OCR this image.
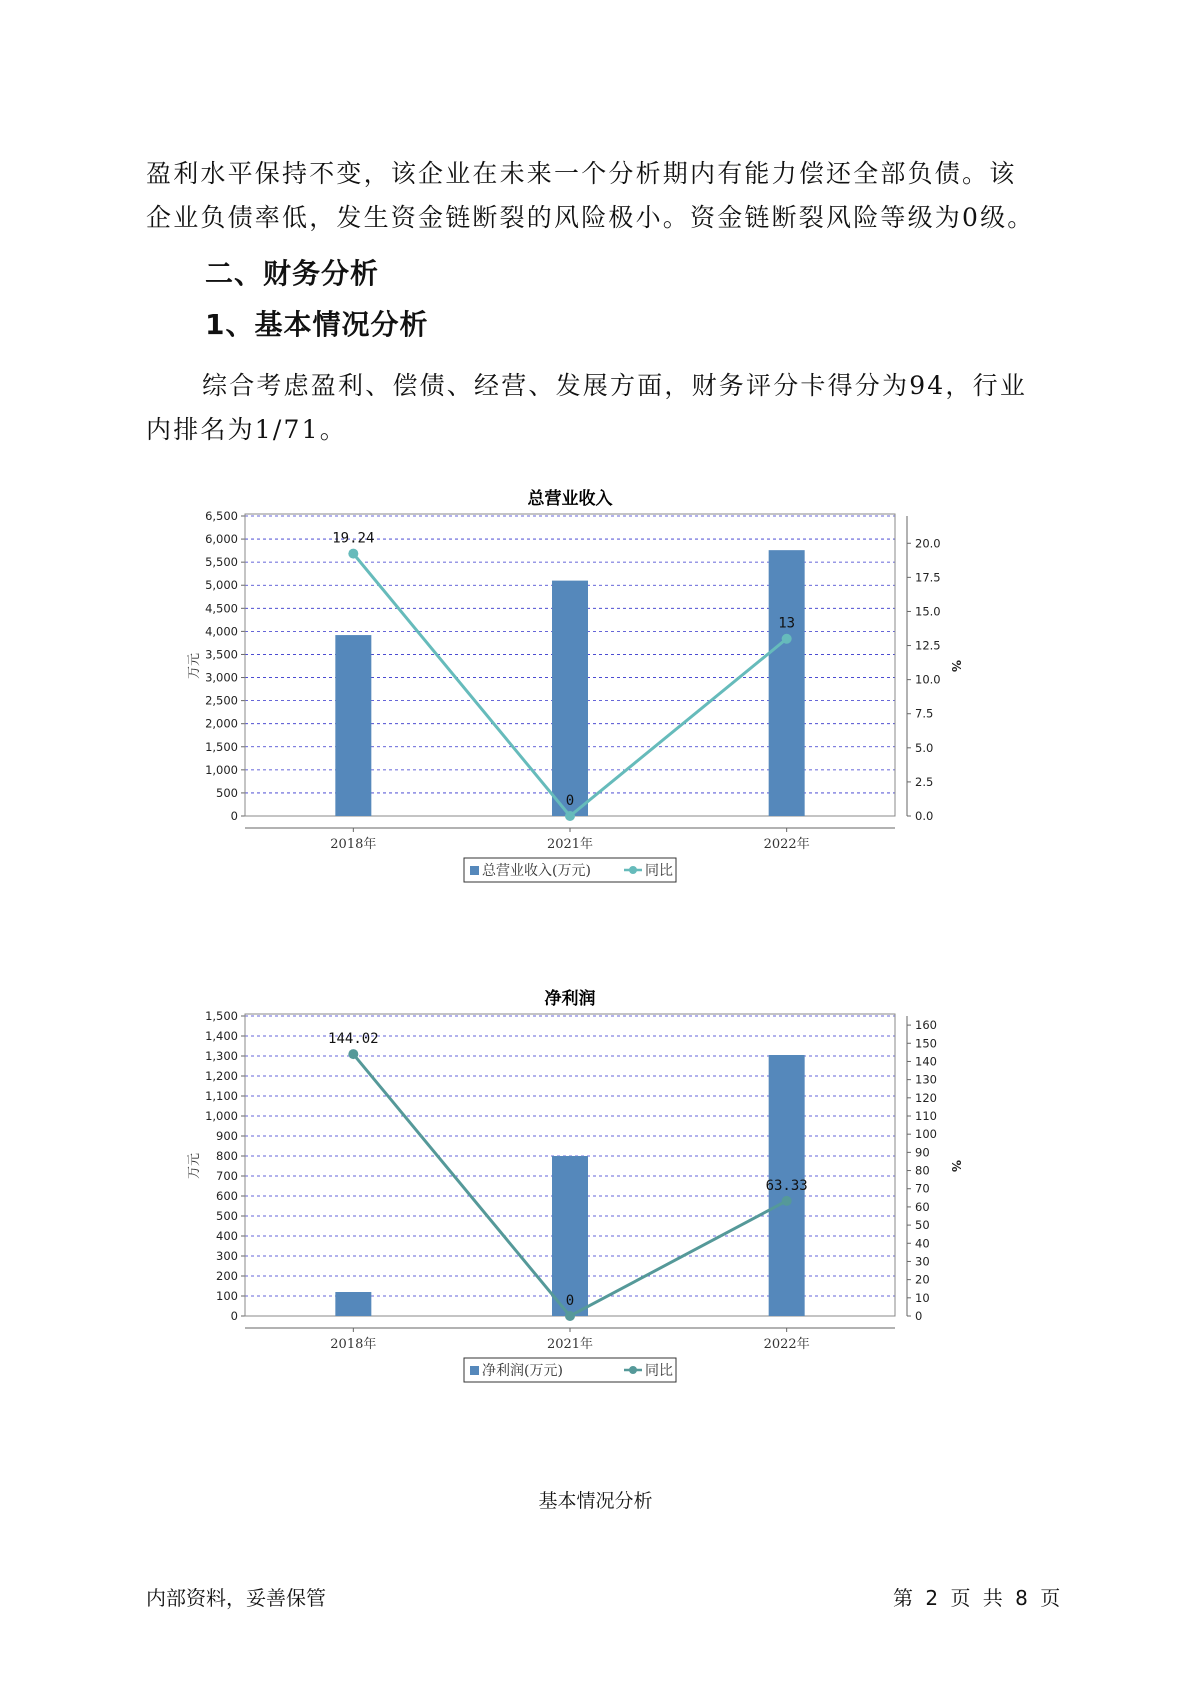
盈利水平保持不变，该企业在未来一个分析期内有能力偿还全部负债。该
企业负债率低，发生资金链断裂的风险极小。资金链断裂风险等级为0级。

二、财务分析
1、基本情况分析

综合考虑盈利、偿债、经营、发展方面，财务评分卡得分为94，行业
内排名为1/71。

总营业收入
0
500
1,000
1,500
2,000
2,500
3,000
3,500
4,000
4,500
5,000
5,500
6,000
6,500
0.0
2.5
5.0
7.5
10.0
12.5
15.0
17.5
20.0
万元	%
2018年	2021年	2022年
19.24
0
13
总营业收入(万元)	同比
净利润
0
100
200
300
400
500
600
700
800
900
1,000
1,100
1,200
1,300
1,400
1,500
0
10
20
30
40
50
60
70
80
90
100
110
120
130
140
150
160
万元	%
2018年	2021年	2022年
144.02
0
63.33
净利润(万元)	同比
基本情况分析
内部资料，妥善保管	第 2 页 共 8 页
